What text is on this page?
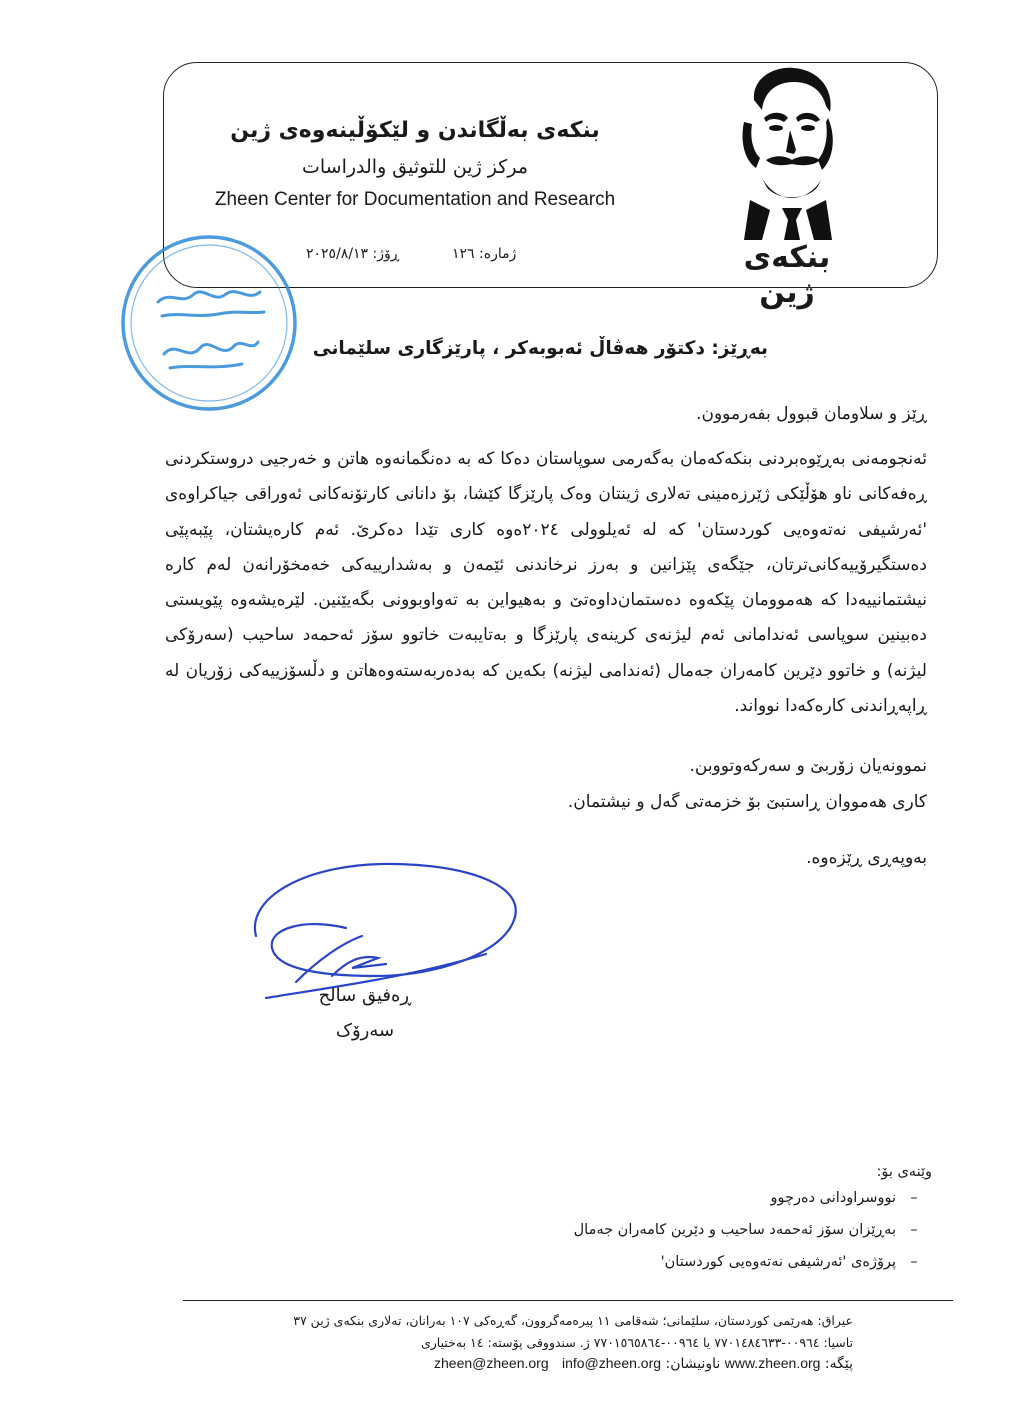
بنکەی بەڵگاندن و لێکۆڵینەوەی ژین
مرکز ژين للتوثيق والدراسات
Zheen Center for Documentation and Research
ژمارە: ١٢٦
ڕۆژ: ٢٠٢٥/٨/١٣	بنکەی ژین
بەڕێز: دکتۆر هەڤاڵ ئەبوبەکر ، پارێزگاری سلێمانی
ڕێز و سلاومان قبوول بفەرموون.
ئەنجومەنی بەڕێوەبردنی بنکەکەمان بەگەرمی سوپاستان دەکا کە بە دەنگمانەوە هاتن و خەرجیی دروستکردنی ڕەفەکانی ناو هۆڵێکی ژێرزەمینی تەلاری ژینتان وەک پارێزگا کێشا، بۆ دانانی کارتۆنەکانی ئەوراقی جیاکراوەی 'ئەرشیفی نەتەوەیی کوردستان' کە لە ئەیلوولی ٢٠٢٤ەوە کاری تێدا دەکرێ. ئەم کارەیشتان، پێبەپێی دەستگیرۆییەکانی‌ترتان، جێگەی پێزانین و بەرز نرخاندنی ئێمەن و بەشدارییەکی خەمخۆرانەن لەم کارە نیشتمانییەدا کە هەموومان پێکەوە دەستمان‌داوەتێ و بەهیواین بە تەواوبوونی بگەیێنین. لێرەیشەوە پێویستی دەبینین سوپاسی ئەندامانی ئەم لیژنەی کرینەی پارێزگا و بەتایبەت خاتوو سۆز ئەحمەد ساحیب (سەرۆکی لیژنە) و خاتوو دێرین کامەران جەمال (ئەندامی لیژنە) بکەین کە بەدەربەستەوەهاتن و دڵسۆزییەکی زۆریان لە ڕاپەڕاندنی کارەکەدا نوواند.
نموونەیان زۆربێ و سەرکەوتووبن.
کاری هەمووان ڕاستبێ بۆ خزمەتی گەل و نیشتمان.
بەوپەڕی ڕێزەوە.
ڕەفیق سالح
سەرۆک
وێنەی بۆ:
–نووسراودانی دەرچوو
–بەڕێزان سۆز ئەحمەد ساحیب و دێرین کامەران جەمال
–پرۆژەی 'ئەرشیفی نەتەوەیی کوردستان'
عیراق: هەرێمی کوردستان، سلێمانی؛ شەقامی ١١ پیرەمەگروون، گەڕەکی ١٠٧ بەرانان، تەلاری بنکەی ژین ٣٧
تاسیا: ٠٠٩٦٤-٧٧٠١٤٨٤٦٣٣ یا ٠٠٩٦٤-٧٧٠١٥٦٥٨٦٤ ژ. سندووقی پۆستە: ١٤ بەختیاری
پێگە: www.zheen.org ناونیشان: zheen@zheen.org info@zheen.org
